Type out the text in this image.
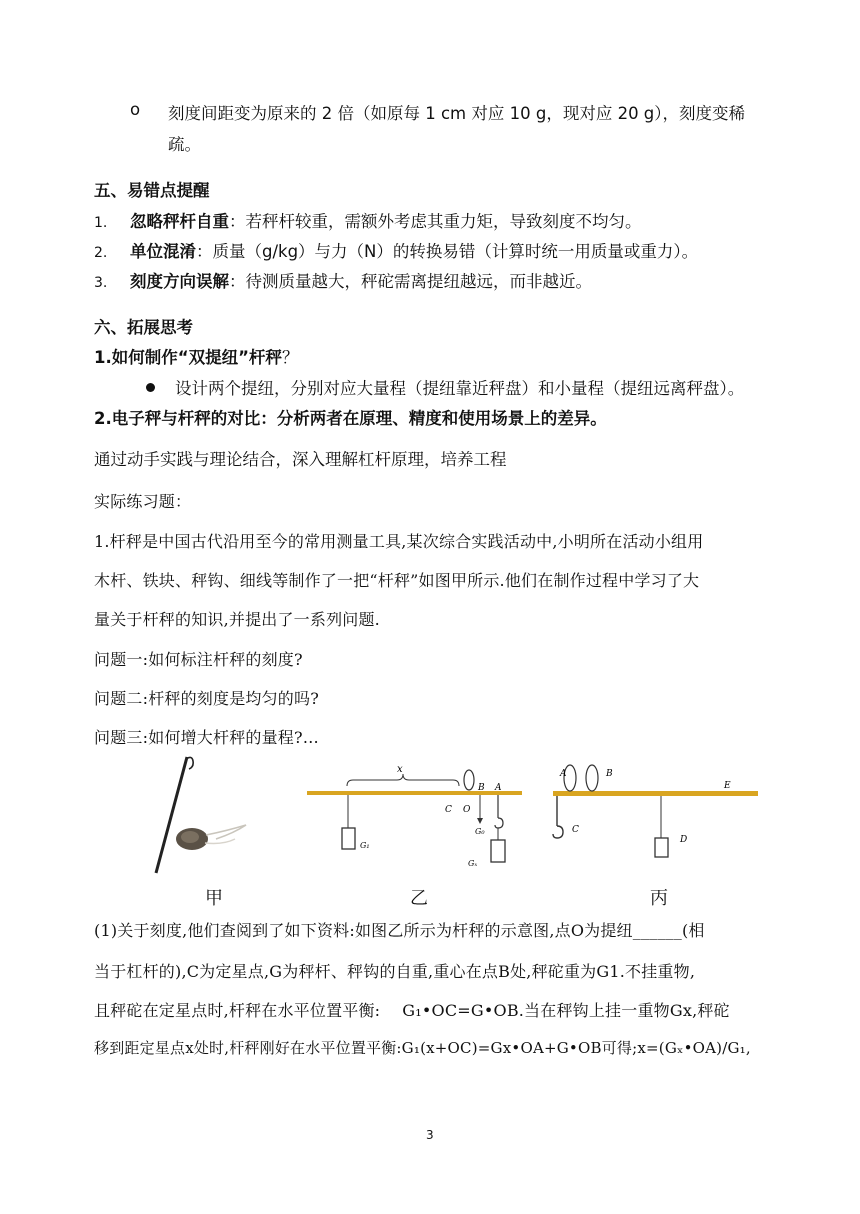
o 刻度间距变为原来的 2 倍（如原每 1 cm 对应 10 g，现对应 20 g），刻度变稀
疏。
五、易错点提醒
1. 忽略秤杆自重：若秤杆较重，需额外考虑其重力矩，导致刻度不均匀。
2. 单位混淆：质量（g/kg）与力（N）的转换易错（计算时统一用质量或重力）。
3. 刻度方向误解：待测质量越大，秤砣需离提纽越远，而非越近。
六、拓展思考
1.如何制作“双提纽”杆秤？
设计两个提纽，分别对应大量程（提纽靠近秤盘）和小量程（提纽远离秤盘）。
2.电子秤与杆秤的对比：分析两者在原理、精度和使用场景上的差异。
通过动手实践与理论结合，深入理解杠杆原理，培养工程
实际练习题：
1.杆秤是中国古代沿用至今的常用测量工具,某次综合实践活动中,小明所在活动小组用
木杆、铁块、秤钩、细线等制作了一把“杆秤”如图甲所示.他们在制作过程中学习了大
量关于杆秤的知识,并提出了一系列问题.
问题一:如何标注杆秤的刻度?
问题二:杆秤的刻度是均匀的吗?
问题三:如何增大杆秤的量程?…
x
G₁
C O
B A
G₀
Gₓ
A	B
E
C
D
甲	乙	丙
(1)关于刻度,他们查阅到了如下资料:如图乙所示为杆秤的示意图,点O为提纽______(相
当于杠杆的),C为定星点,G为秤杆、秤钩的自重,重心在点B处,秤砣重为G1.不挂重物,
且秤砣在定星点时,杆秤在水平位置平衡: G₁•OC=G•OB.当在秤钩上挂一重物Gx,秤砣
移到距定星点x处时,杆秤刚好在水平位置平衡:G₁(x+OC)=Gx•OA+G•OB可得;x=(Gₓ•OA)/G₁,
3
